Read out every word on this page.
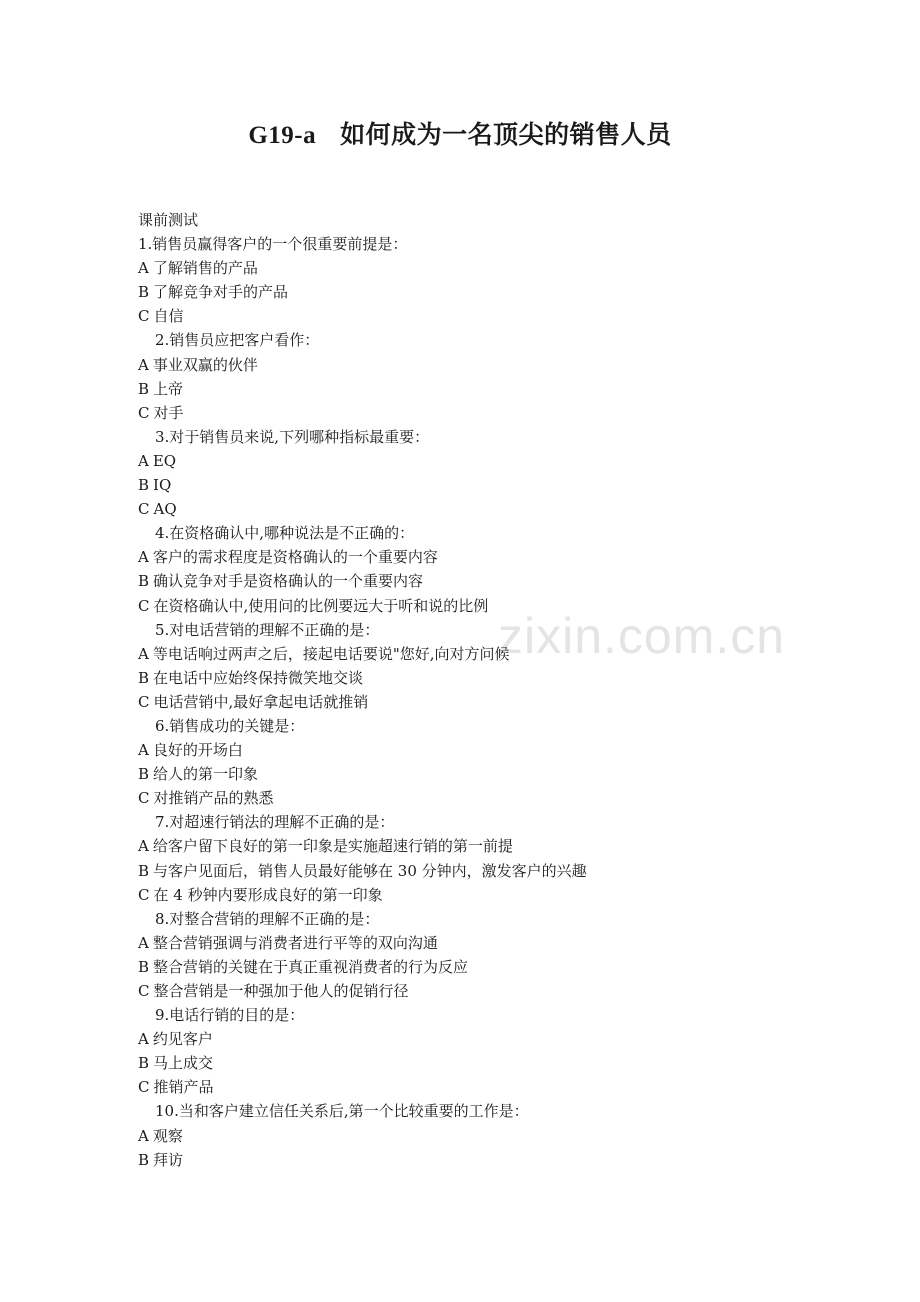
G19-a 如何成为一名顶尖的销售人员
zixin.com.cn
课前测试
1.销售员赢得客户的一个很重要前提是：
A 了解销售的产品
B 了解竞争对手的产品
C 自信
2.销售员应把客户看作：
A 事业双赢的伙伴
B 上帝
C 对手
3.对于销售员来说,下列哪种指标最重要：
A EQ
B IQ
C AQ
4.在资格确认中,哪种说法是不正确的：
A 客户的需求程度是资格确认的一个重要内容
B 确认竞争对手是资格确认的一个重要内容
C 在资格确认中,使用问的比例要远大于听和说的比例
5.对电话营销的理解不正确的是：
A 等电话响过两声之后，接起电话要说"您好,向对方问候
B 在电话中应始终保持微笑地交谈
C 电话营销中,最好拿起电话就推销
6.销售成功的关键是：
A 良好的开场白
B 给人的第一印象
C 对推销产品的熟悉
7.对超速行销法的理解不正确的是：
A 给客户留下良好的第一印象是实施超速行销的第一前提
B 与客户见面后，销售人员最好能够在 30 分钟内，激发客户的兴趣
C 在 4 秒钟内要形成良好的第一印象
8.对整合营销的理解不正确的是：
A 整合营销强调与消费者进行平等的双向沟通
B 整合营销的关键在于真正重视消费者的行为反应
C 整合营销是一种强加于他人的促销行径
9.电话行销的目的是：
A 约见客户
B 马上成交
C 推销产品
10.当和客户建立信任关系后,第一个比较重要的工作是：
A 观察
B 拜访
